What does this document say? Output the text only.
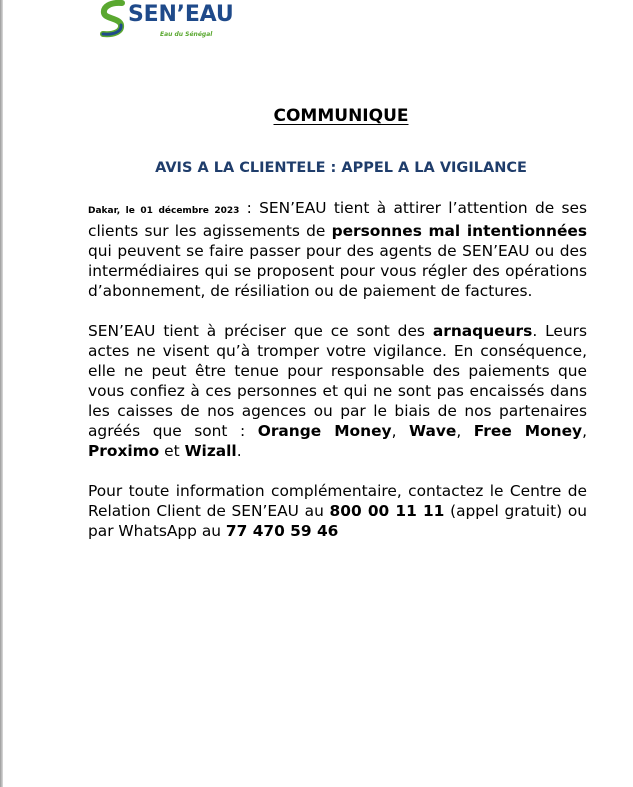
SEN’EAU
Eau du Sénégal
COMMUNIQUE
AVIS A LA CLIENTELE : APPEL A LA VIGILANCE

Dakar, le 01 décembre 2023 : SEN’EAU tient à attirer l’attention de ses clients sur les agissements de personnes mal intentionnées qui peuvent se faire passer pour des agents de SEN’EAU ou des intermédiaires qui se proposent pour vous régler des opérations d’abonnement, de résiliation ou de paiement de factures.

SEN’EAU tient à préciser que ce sont des arnaqueurs. Leurs actes ne visent qu’à tromper votre vigilance. En conséquence, elle ne peut être tenue pour responsable des paiements que vous confiez à ces personnes et qui ne sont pas encaissés dans les caisses de nos agences ou par le biais de nos partenaires agréés que sont : Orange Money, Wave, Free Money, Proximo et Wizall.

Pour toute information complémentaire, contactez le Centre de Relation Client de SEN’EAU au 800 00 11 11 (appel gratuit) ou par WhatsApp au 77 470 59 46
